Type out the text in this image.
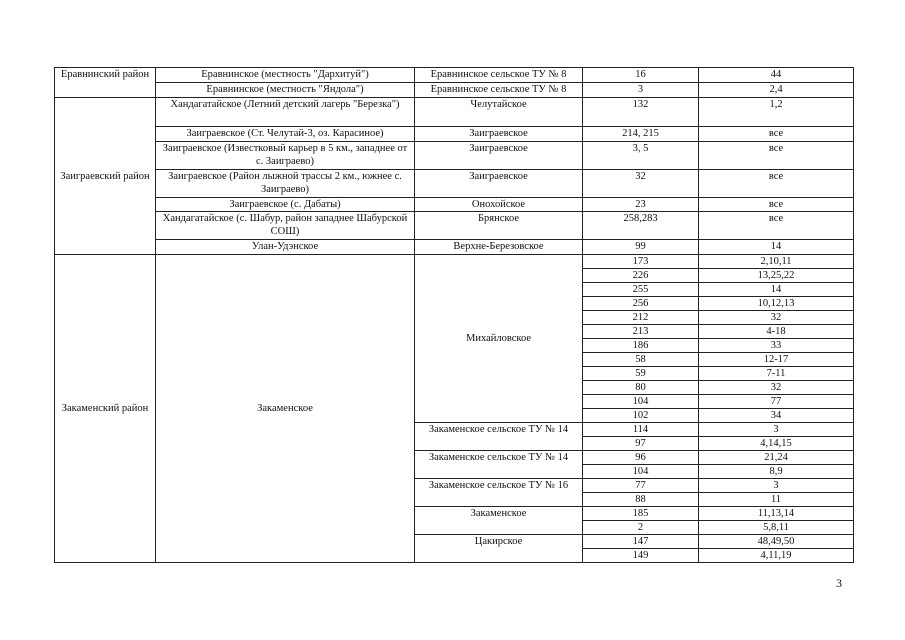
Еравнинский район	Еравнинское (местность "Дархитуй")	Еравнинское сельское ТУ № 8	16	44
	Еравнинское (местность "Яндола")	Еравнинское сельское ТУ № 8	3	2,4
Заиграевский район	Хандагатайское (Летний детский лагерь "Березка")	Челутайское	132	1,2
	Заиграевское (Ст. Челутай-3, оз. Карасиное)	Заиграевское	214, 215	все
	Заиграевское (Известковый карьер в 5 км., западнее от с. Заиграево)	Заиграевское	3, 5	все
	Заиграевское (Район лыжной трассы 2 км., южнее с. Заиграево)	Заиграевское	32	все
	Заиграевское (с. Дабаты)	Онохойское	23	все
	Хандагатайское (с. Шабур, район западнее Шабурской СОШ)	Брянское	258,283	все
	Улан-Удэнское	Верхне-Березовское	99	14
Закаменский район	Закаменское	Михайловское	173	2,10,11
			226	13,25,22
			255	14
			256	10,12,13
			212	32
			213	4-18
			186	33
			58	12-17
			59	7-11
			80	32
			104	77
			102	34
		Закаменское сельское ТУ № 14	114	3
			97	4,14,15
		Закаменское сельское ТУ № 14	96	21,24
			104	8,9
		Закаменское сельское ТУ № 16	77	3
			88	11
		Закаменское	185	11,13,14
			2	5,8,11
		Цакирское	147	48,49,50
			149	4,11,19
3
